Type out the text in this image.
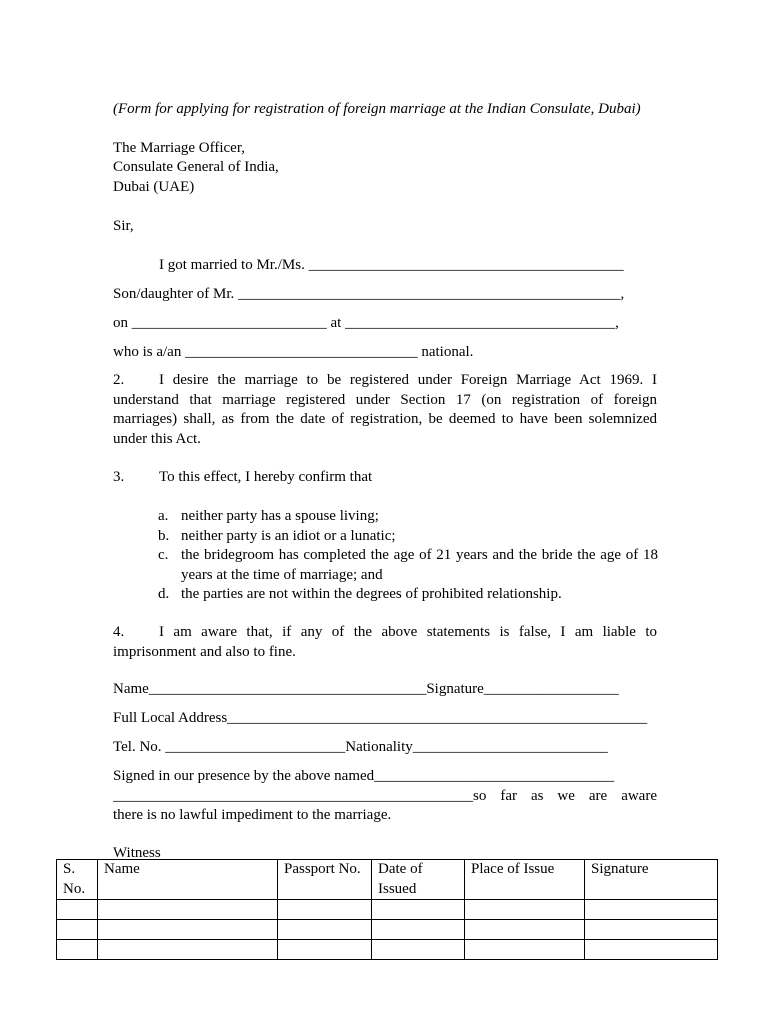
(Form for applying for registration of foreign marriage at the Indian Consulate, Dubai)
The Marriage Officer,
Consulate General of India,
Dubai (UAE)
Sir,
I got married to Mr./Ms. __________________________________________
Son/daughter of Mr. ___________________________________________________,
on __________________________ at ____________________________________,
who is a/an _______________________________ national.
2. I desire the marriage to be registered under Foreign Marriage Act 1969. I understand that marriage registered under Section 17 (on registration of foreign marriages) shall, as from the date of registration, be deemed to have been solemnized under this Act.
3. To this effect, I hereby confirm that
a. neither party has a spouse living;
b. neither party is an idiot or a lunatic;
c. the bridegroom has completed the age of 21 years and the bride the age of 18 years at the time of marriage; and
d. the parties are not within the degrees of prohibited relationship.
4. I am aware that, if any of the above statements is false, I am liable to imprisonment and also to fine.
Name_____________________________________Signature__________________
Full Local Address________________________________________________________
Tel. No. ________________________Nationality__________________________
Signed in our presence by the above named________________________________
________________________________________________so far as we are aware
there is no lawful impediment to the marriage.
Witness
S. No.	Name	Passport No.	Date of Issued	Place of Issue	Signature
